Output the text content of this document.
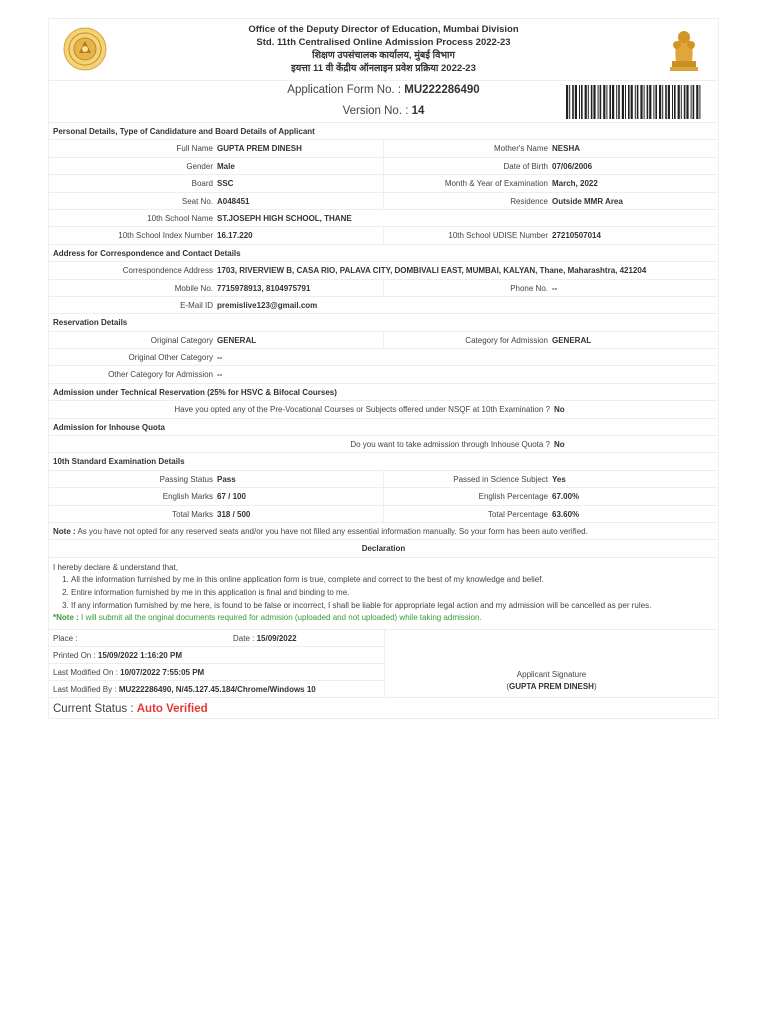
Office of the Deputy Director of Education, Mumbai Division
Std. 11th Centralised Online Admission Process 2022-23
शिक्षण उपसंचालक कार्यालय, मुंबई विभाग
इयत्ता 11 वी केंद्रीय ऑनलाइन प्रवेश प्रक्रिया 2022-23
Application Form No. : MU222286490
Version No. : 14
Personal Details, Type of Candidature and Board Details of Applicant
Full Name GUPTA PREM DINESH	Mother's Name NESHA
Gender Male	Date of Birth 07/06/2006
Board SSC	Month & Year of Examination March, 2022
Seat No. A048451	Residence Outside MMR Area
10th School Name ST.JOSEPH HIGH SCHOOL, THANE
10th School Index Number 16.17.220	10th School UDISE Number 27210507014
Address for Correspondence and Contact Details
Correspondence Address 1703, RIVERVIEW B, CASA RIO, PALAVA CITY, DOMBIVALI EAST, MUMBAI, KALYAN, Thane, Maharashtra, 421204
Mobile No. 7715978913, 8104975791	Phone No. --
E-Mail ID premislive123@gmail.com
Reservation Details
Original Category GENERAL	Category for Admission GENERAL
Original Other Category --
Other Category for Admission --
Admission under Technical Reservation (25% for HSVC & Bifocal Courses)
Have you opted any of the Pre-Vocational Courses or Subjects offered under NSQF at 10th Examination ? No
Admission for Inhouse Quota
Do you want to take admission through Inhouse Quota ? No
10th Standard Examination Details
Passing Status Pass	Passed in Science Subject Yes
English Marks 67 / 100	English Percentage 67.00%
Total Marks 318 / 500	Total Percentage 63.60%
Note : As you have not opted for any reserved seats and/or you have not filled any essential information manually. So your form has been auto verified.
Declaration
I hereby declare & understand that,
1. All the information furnished by me in this online application form is true, complete and correct to the best of my knowledge and belief.
2. Entire information furnished by me in this application is final and binding to me.
3. If any information furnished by me here, is found to be false or incorrect, I shall be liable for appropriate legal action and my admission will be cancelled as per rules.
*Note : I will submit all the original documents required for admision (uploaded and not uploaded) while taking admission.
Place :	Date : 15/09/2022
Printed On : 15/09/2022 1:16:20 PM
Last Modified On : 10/07/2022 7:55:05 PM
Last Modified By : MU222286490, N/45.127.45.184/Chrome/Windows 10
Applicant Signature
(GUPTA PREM DINESH)
Current Status : Auto Verified
